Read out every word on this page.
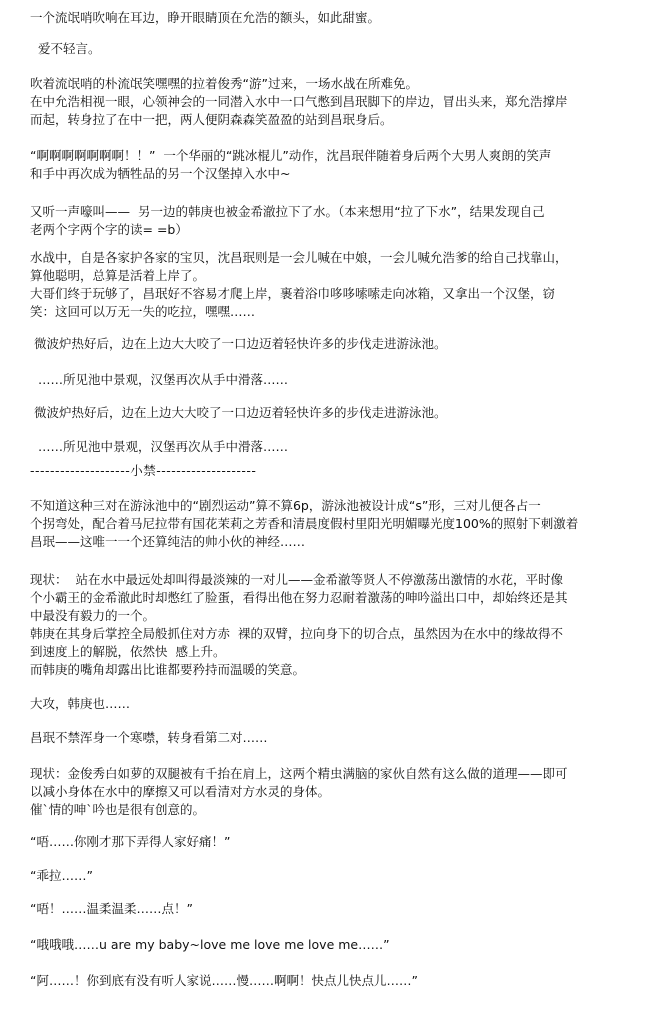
一个流氓哨吹响在耳边，睁开眼睛顶在允浩的额头，如此甜蜜。
爱不轻言。
吹着流氓哨的朴流氓笑嘿嘿的拉着俊秀“游”过来，一场水战在所难免。
在中允浩相视一眼，心领神会的一同潜入水中一口气憋到昌珉脚下的岸边，冒出头来，郑允浩撑岸
而起，转身拉了在中一把，两人便阴森森笑盈盈的站到昌珉身后。
“啊啊啊啊啊啊啊！！”  一个华丽的“跳冰棍儿”动作，沈昌珉伴随着身后两个大男人爽朗的笑声
和手中再次成为牺牲品的另一个汉堡掉入水中~
又听一声嚎叫——  另一边的韩庚也被金希澈拉下了水。（本来想用“拉了下水”，结果发现自己
老两个字两个字的读= =b）
水战中，自是各家护各家的宝贝，沈昌珉则是一会儿喊在中娘，一会儿喊允浩爹的给自己找靠山，
算他聪明，总算是活着上岸了。
大哥们终于玩够了，昌珉好不容易才爬上岸，裹着浴巾哆哆嗦嗦走向冰箱，又拿出一个汉堡，窃
笑：这回可以万无一失的吃拉，嘿嘿……
微波炉热好后，边在上边大大咬了一口边迈着轻快许多的步伐走进游泳池。
……所见池中景观，汉堡再次从手中滑落……
微波炉热好后，边在上边大大咬了一口边迈着轻快许多的步伐走进游泳池。
……所见池中景观，汉堡再次从手中滑落……
--------------------小禁--------------------
不知道这种三对在游泳池中的“剧烈运动”算不算6p，游泳池被设计成“s”形，三对儿便各占一
个拐弯处，配合着马尼拉带有国花茉莉之芳香和清晨度假村里阳光明媚曝光度100%的照射下刺激着
昌珉——这唯一一个还算纯洁的帅小伙的神经……
现状：  站在水中最远处却叫得最淡辣的一对儿——金希澈等贤人不停激荡出激情的水花，平时像
个小霸王的金希澈此时却憋红了脸蛋，看得出他在努力忍耐着激荡的呻吟溢出口中，却始终还是其
中最没有毅力的一个。
韩庚在其身后掌控全局般抓住对方赤  裸的双臂，拉向身下的切合点，虽然因为在水中的缘故得不
到速度上的解脱，依然快  感上升。
而韩庚的嘴角却露出比谁都要矜持而温暖的笑意。
大攻，韩庚也……
昌珉不禁浑身一个寒噤，转身看第二对……
现状：金俊秀白如萝的双腿被有千抬在肩上，这两个精虫满脑的家伙自然有这么做的道理——即可
以减小身体在水中的摩擦又可以看清对方水灵的身体。
催`情的呻`吟也是很有创意的。
“唔……你刚才那下弄得人家好痛！”
“乖拉……”
“唔！……温柔温柔……点！”
“哦哦哦……u are my baby~love me love me love me……”
“阿……！你到底有没有听人家说……慢……啊啊！快点儿快点儿……”
